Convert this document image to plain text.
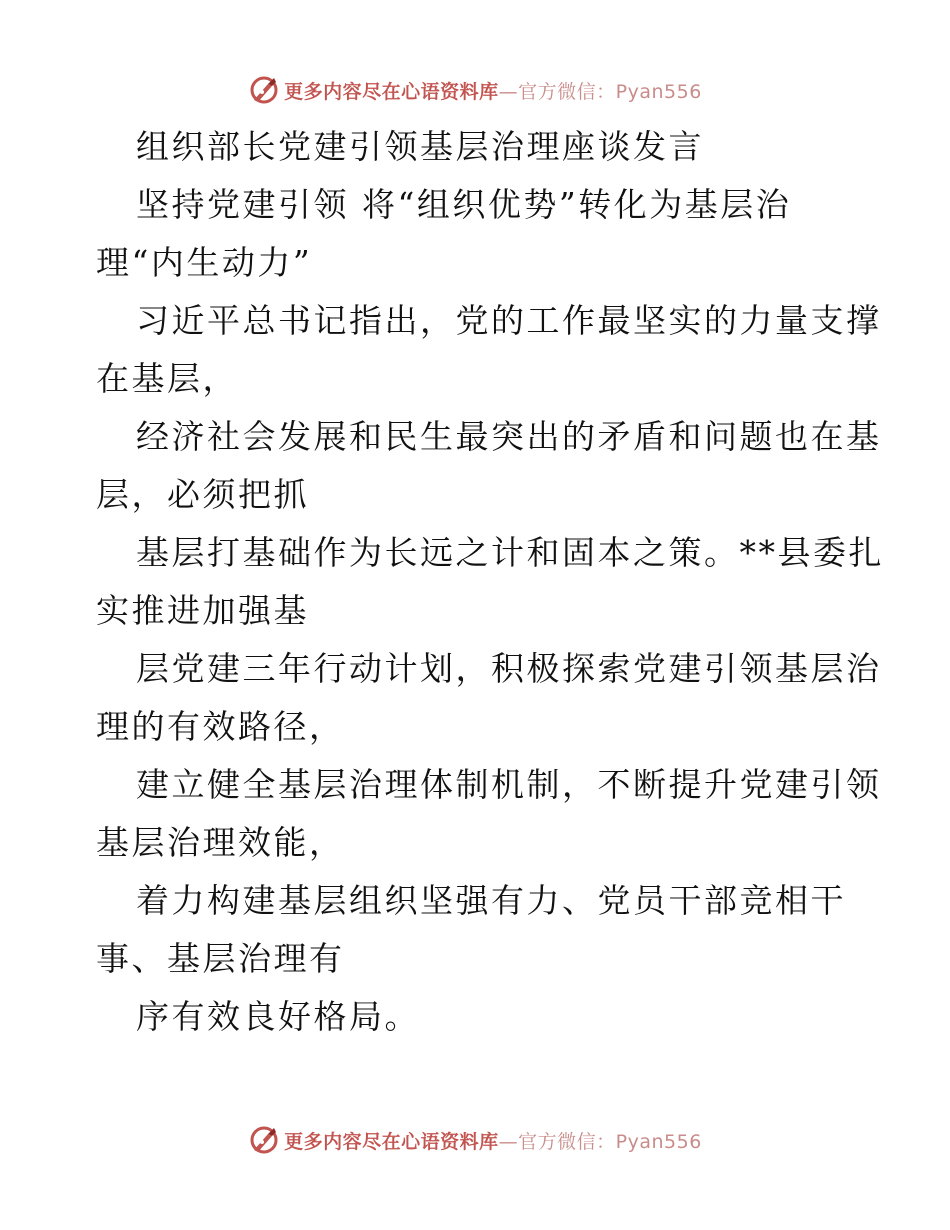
更多内容尽在心语资料库—官方微信：Pyan556
组织部长党建引领基层治理座谈发言
坚持党建引领 将“组织优势”转化为基层治
理“内生动力”
习近平总书记指出，党的工作最坚实的力量支撑
在基层，
经济社会发展和民生最突出的矛盾和问题也在基
层，必须把抓
基层打基础作为长远之计和固本之策。**县委扎
实推进加强基
层党建三年行动计划，积极探索党建引领基层治
理的有效路径，
建立健全基层治理体制机制，不断提升党建引领
基层治理效能，
着力构建基层组织坚强有力、党员干部竞相干
事、基层治理有
序有效良好格局。
更多内容尽在心语资料库—官方微信：Pyan556
